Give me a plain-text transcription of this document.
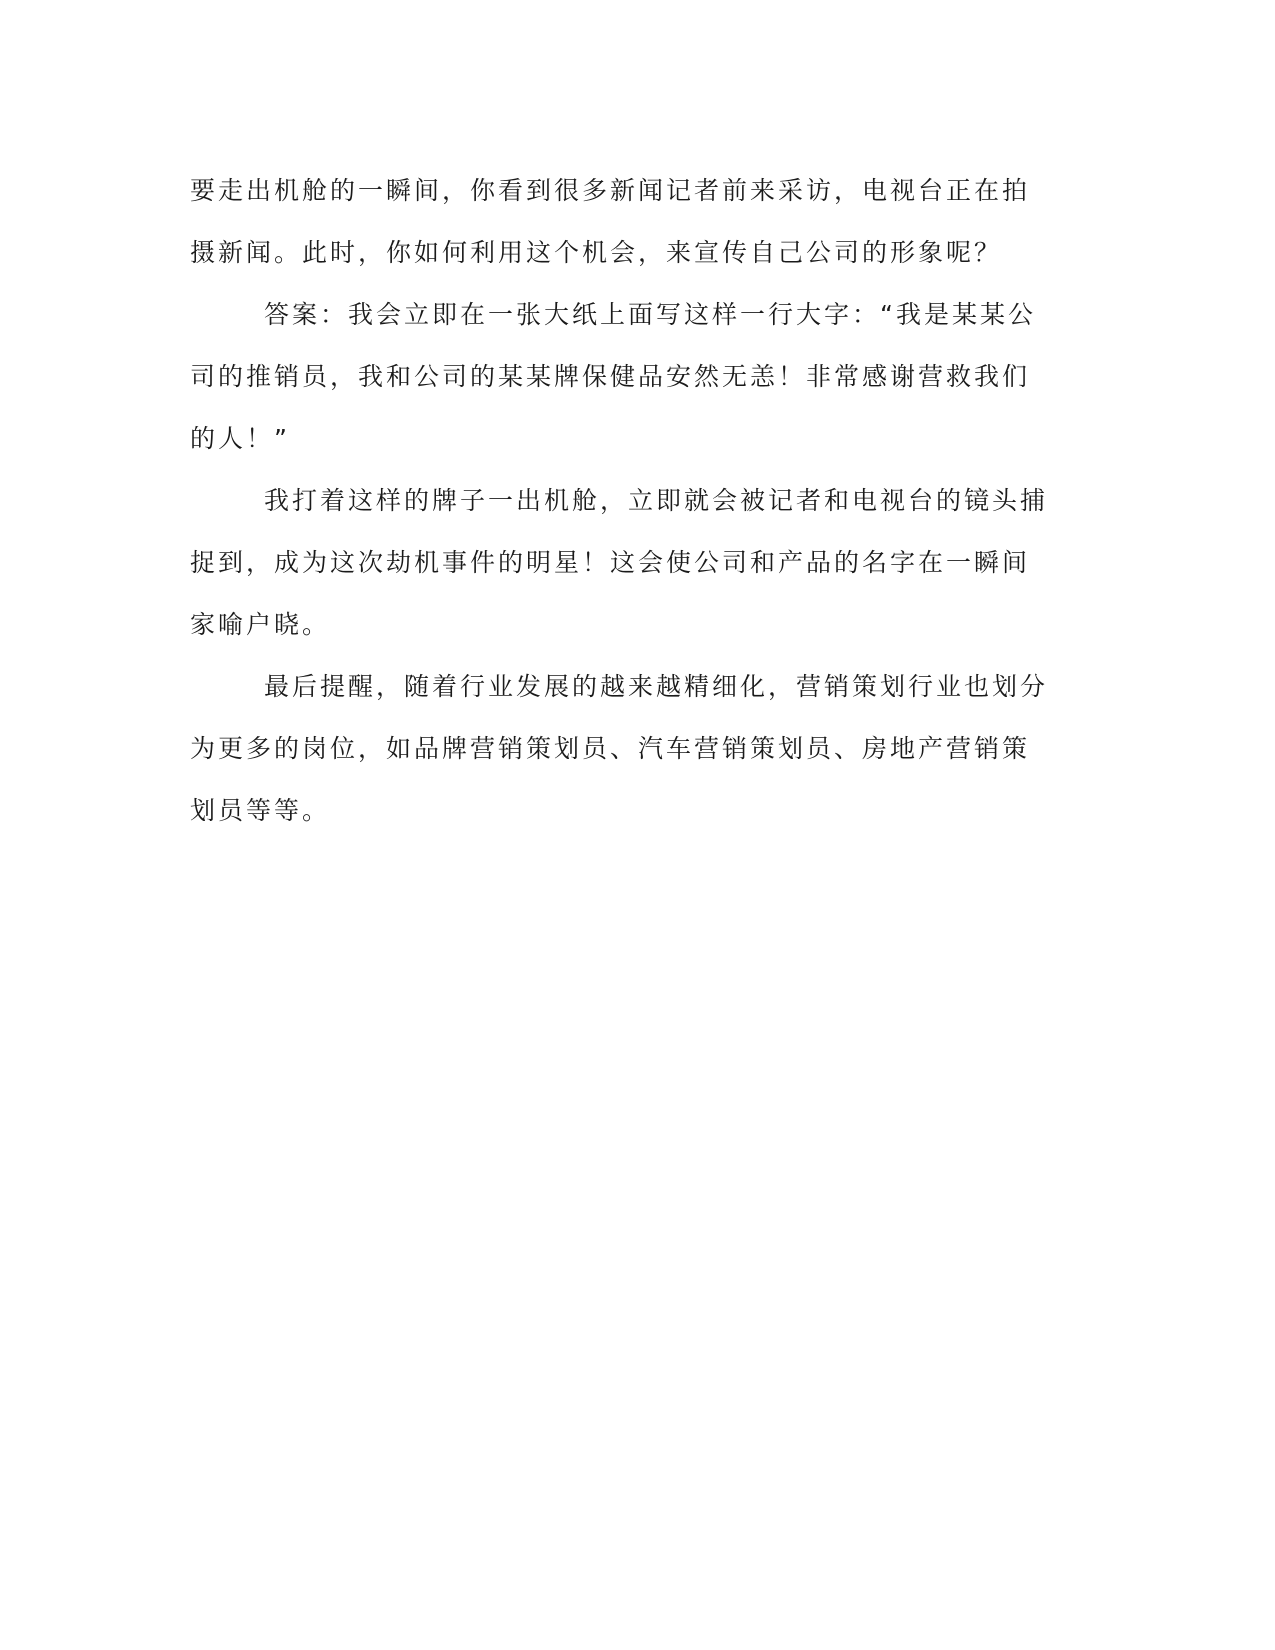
要走出机舱的一瞬间，你看到很多新闻记者前来采访，电视台正在拍
摄新闻。此时，你如何利用这个机会，来宣传自己公司的形象呢？
答案：我会立即在一张大纸上面写这样一行大字：“我是某某公
司的推销员，我和公司的某某牌保健品安然无恙！非常感谢营救我们
的人！”
我打着这样的牌子一出机舱，立即就会被记者和电视台的镜头捕
捉到，成为这次劫机事件的明星！这会使公司和产品的名字在一瞬间
家喻户晓。
最后提醒，随着行业发展的越来越精细化，营销策划行业也划分
为更多的岗位，如品牌营销策划员、汽车营销策划员、房地产营销策
划员等等。
